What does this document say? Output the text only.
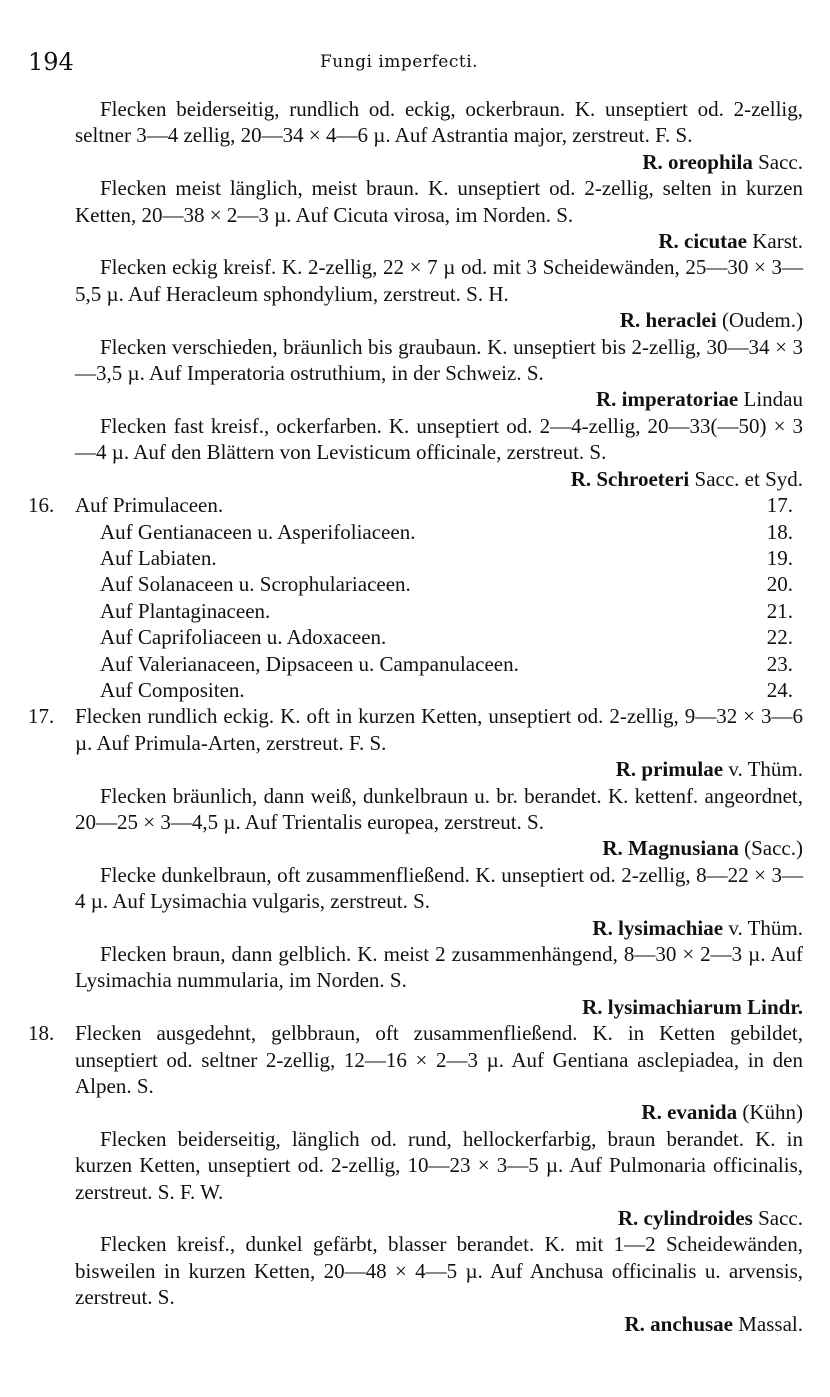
194	Fungi imperfecti.
Flecken beiderseitig, rundlich od. eckig, ockerbraun. K. unseptiert od. 2-zellig, seltner 3—4 zellig, 20—34 × 4—6 µ. Auf Astrantia major, zerstreut. F. S.
R. oreophila Sacc.
Flecken meist länglich, meist braun. K. unseptiert od. 2-zellig, selten in kurzen Ketten, 20—38 × 2—3 µ. Auf Cicuta virosa, im Norden. S.
R. cicutae Karst.
Flecken eckig kreisf. K. 2-zellig, 22 × 7 µ od. mit 3 Scheidewänden, 25—30 × 3—5,5 µ. Auf Heracleum sphondylium, zerstreut. S. H.
R. heraclei (Oudem.)
Flecken verschieden, bräunlich bis graubaun. K. unseptiert bis 2-zellig, 30—34 × 3—3,5 µ. Auf Imperatoria ostruthium, in der Schweiz. S.
R. imperatoriae Lindau
Flecken fast kreisf., ockerfarben. K. unseptiert od. 2—4-zellig, 20—33(—50) × 3—4 µ. Auf den Blättern von Levisticum officinale, zerstreut. S.
R. Schroeteri Sacc. et Syd.
16. Auf Primulaceen.	17.
Auf Gentianaceen u. Asperifoliaceen.	18.
Auf Labiaten.	19.
Auf Solanaceen u. Scrophulariaceen.	20.
Auf Plantaginaceen.	21.
Auf Caprifoliaceen u. Adoxaceen.	22.
Auf Valerianaceen, Dipsaceen u. Campanulaceen.	23.
Auf Compositen.	24.
17. Flecken rundlich eckig. K. oft in kurzen Ketten, unseptiert od. 2-zellig, 9—32 × 3—6 µ. Auf Primula-Arten, zerstreut. F. S.
R. primulae v. Thüm.
Flecken bräunlich, dann weiß, dunkelbraun u. br. berandet. K. kettenf. angeordnet, 20—25 × 3—4,5 µ. Auf Trientalis europea, zerstreut. S.
R. Magnusiana (Sacc.)
Flecke dunkelbraun, oft zusammenfließend. K. unseptiert od. 2-zellig, 8—22 × 3—4 µ. Auf Lysimachia vulgaris, zerstreut. S.
R. lysimachiae v. Thüm.
Flecken braun, dann gelblich. K. meist 2 zusammenhängend, 8—30 × 2—3 µ. Auf Lysimachia nummularia, im Norden. S.
R. lysimachiarum Lindr.
18. Flecken ausgedehnt, gelbbraun, oft zusammenfließend. K. in Ketten gebildet, unseptiert od. seltner 2-zellig, 12—16 × 2—3 µ. Auf Gentiana asclepiadea, in den Alpen. S.
R. evanida (Kühn)
Flecken beiderseitig, länglich od. rund, hellockerfarbig, braun berandet. K. in kurzen Ketten, unseptiert od. 2-zellig, 10—23 × 3—5 µ. Auf Pulmonaria officinalis, zerstreut. S. F. W.
R. cylindroides Sacc.
Flecken kreisf., dunkel gefärbt, blasser berandet. K. mit 1—2 Scheidewänden, bisweilen in kurzen Ketten, 20—48 × 4—5 µ. Auf Anchusa officinalis u. arvensis, zerstreut. S.
R. anchusae Massal.
